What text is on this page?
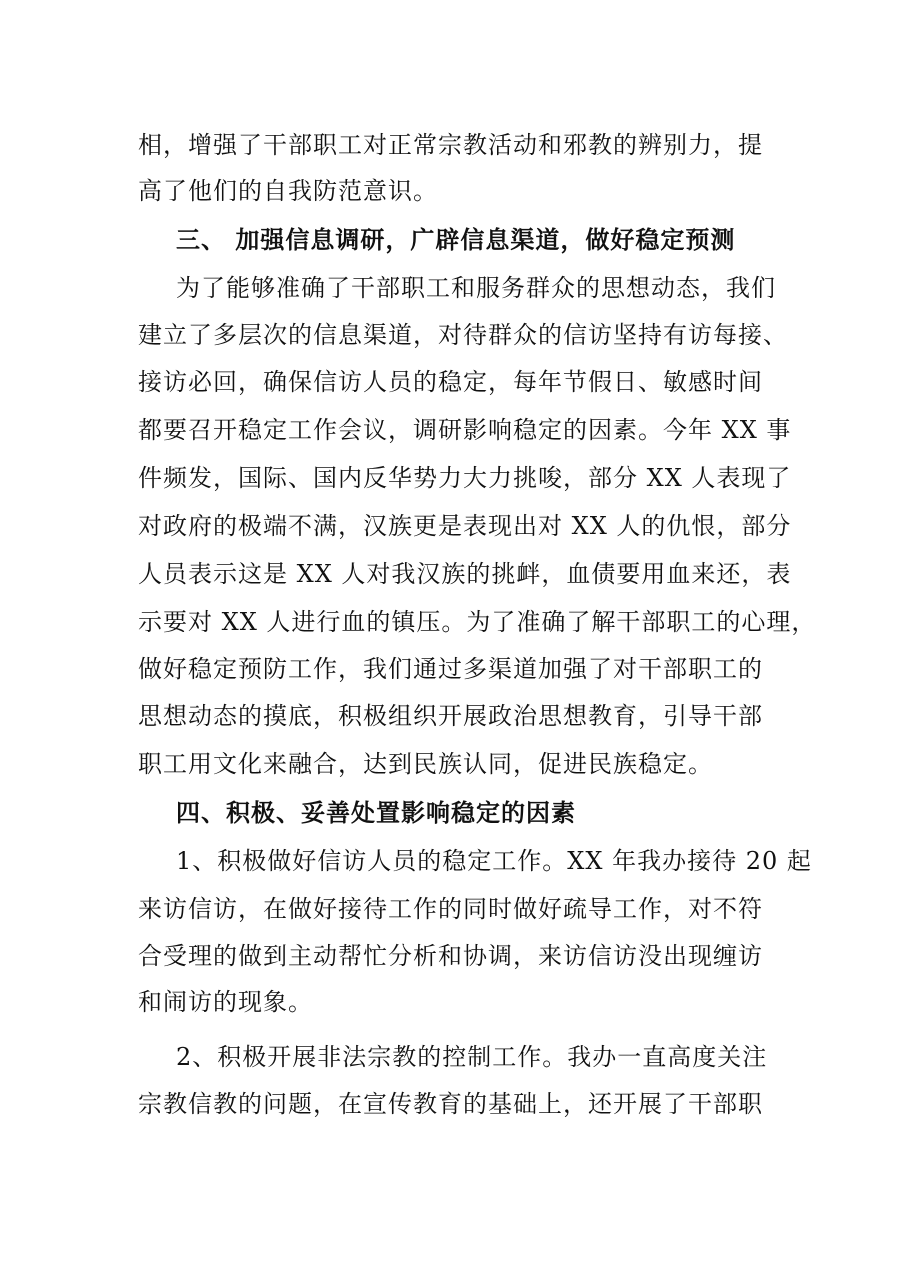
相，增强了干部职工对正常宗教活动和邪教的辨别力，提
高了他们的自我防范意识。
三、 加强信息调研，广辟信息渠道，做好稳定预测
为了能够准确了干部职工和服务群众的思想动态，我们
建立了多层次的信息渠道，对待群众的信访坚持有访每接、
接访必回，确保信访人员的稳定，每年节假日、敏感时间
都要召开稳定工作会议，调研影响稳定的因素。今年 XX 事
件频发，国际、国内反华势力大力挑唆，部分 XX 人表现了
对政府的极端不满，汉族更是表现出对 XX 人的仇恨，部分
人员表示这是 XX 人对我汉族的挑衅，血债要用血来还，表
示要对 XX 人进行血的镇压。为了准确了解干部职工的心理，
做好稳定预防工作，我们通过多渠道加强了对干部职工的
思想动态的摸底，积极组织开展政治思想教育，引导干部
职工用文化来融合，达到民族认同，促进民族稳定。
四、积极、妥善处置影响稳定的因素
1、积极做好信访人员的稳定工作。XX 年我办接待 20 起
来访信访，在做好接待工作的同时做好疏导工作，对不符
合受理的做到主动帮忙分析和协调，来访信访没出现缠访
和闹访的现象。
2、积极开展非法宗教的控制工作。我办一直高度关注
宗教信教的问题，在宣传教育的基础上，还开展了干部职
